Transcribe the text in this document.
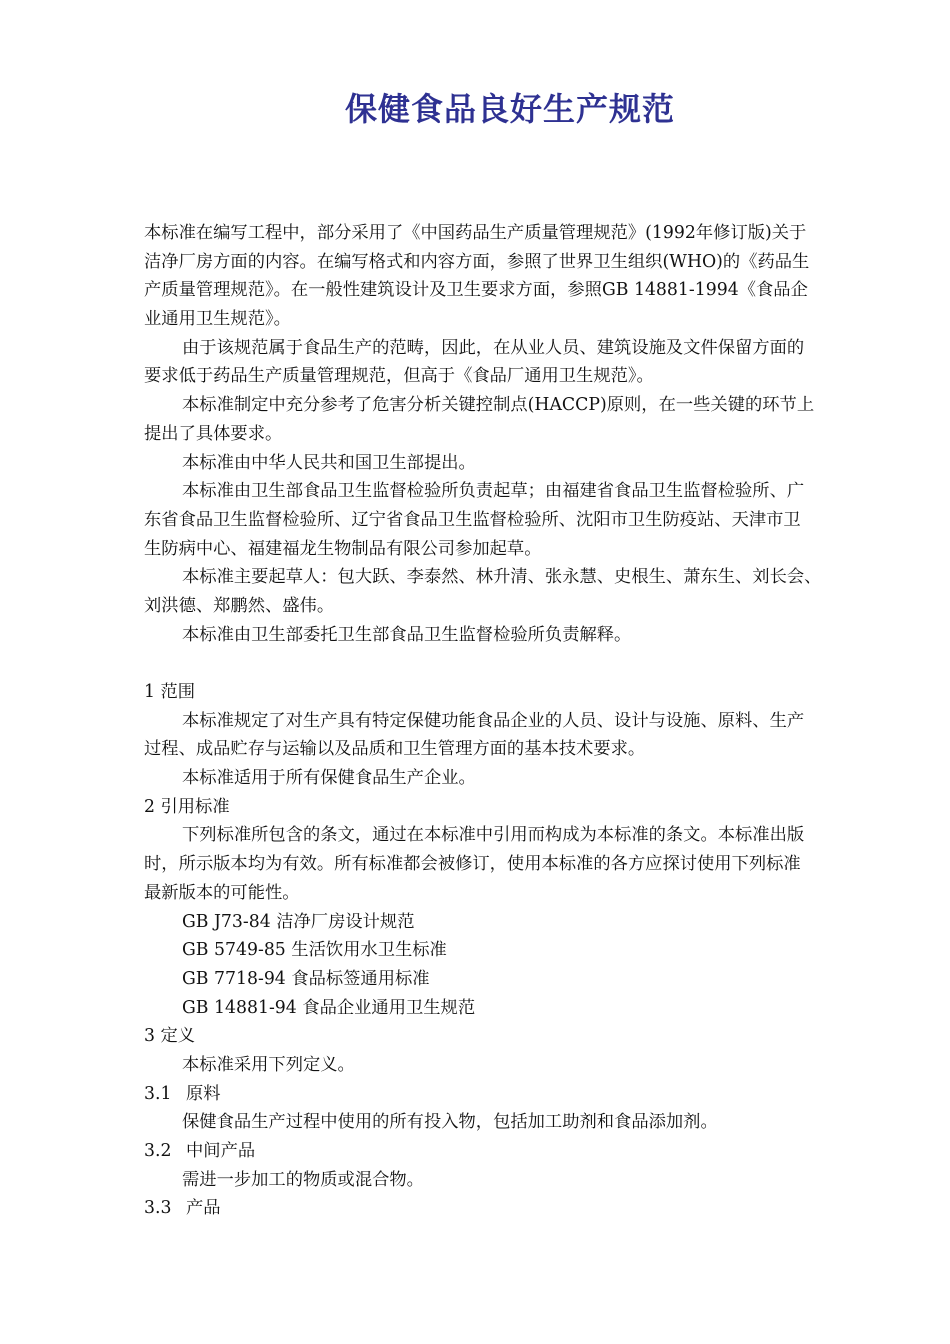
保健食品良好生产规范
本标准在编写工程中，部分采用了《中国药品生产质量管理规范》(1992年修订版)关于
洁净厂房方面的内容。在编写格式和内容方面，参照了世界卫生组织(WHO)的《药品生
产质量管理规范》。在一般性建筑设计及卫生要求方面，参照GB 14881-1994《食品企
业通用卫生规范》。
由于该规范属于食品生产的范畴，因此，在从业人员、建筑设施及文件保留方面的
要求低于药品生产质量管理规范，但高于《食品厂通用卫生规范》。
本标准制定中充分参考了危害分析关键控制点(HACCP)原则，在一些关键的环节上
提出了具体要求。
本标准由中华人民共和国卫生部提出。
本标准由卫生部食品卫生监督检验所负责起草；由福建省食品卫生监督检验所、广
东省食品卫生监督检验所、辽宁省食品卫生监督检验所、沈阳市卫生防疫站、天津市卫
生防病中心、福建福龙生物制品有限公司参加起草。
本标准主要起草人：包大跃、李泰然、林升清、张永慧、史根生、萧东生、刘长会、
刘洪德、郑鹏然、盛伟。
本标准由卫生部委托卫生部食品卫生监督检验所负责解释。
1 范围
本标准规定了对生产具有特定保健功能食品企业的人员、设计与设施、原料、生产
过程、成品贮存与运输以及品质和卫生管理方面的基本技术要求。
本标准适用于所有保健食品生产企业。
2 引用标准
下列标准所包含的条文，通过在本标准中引用而构成为本标准的条文。本标准出版
时，所示版本均为有效。所有标准都会被修订，使用本标准的各方应探讨使用下列标准
最新版本的可能性。
GB J73-84 洁净厂房设计规范
GB 5749-85 生活饮用水卫生标准
GB 7718-94 食品标签通用标准
GB 14881-94 食品企业通用卫生规范
3 定义
本标准采用下列定义。
3.1 原料
保健食品生产过程中使用的所有投入物，包括加工助剂和食品添加剂。
3.2 中间产品
需进一步加工的物质或混合物。
3.3 产品
